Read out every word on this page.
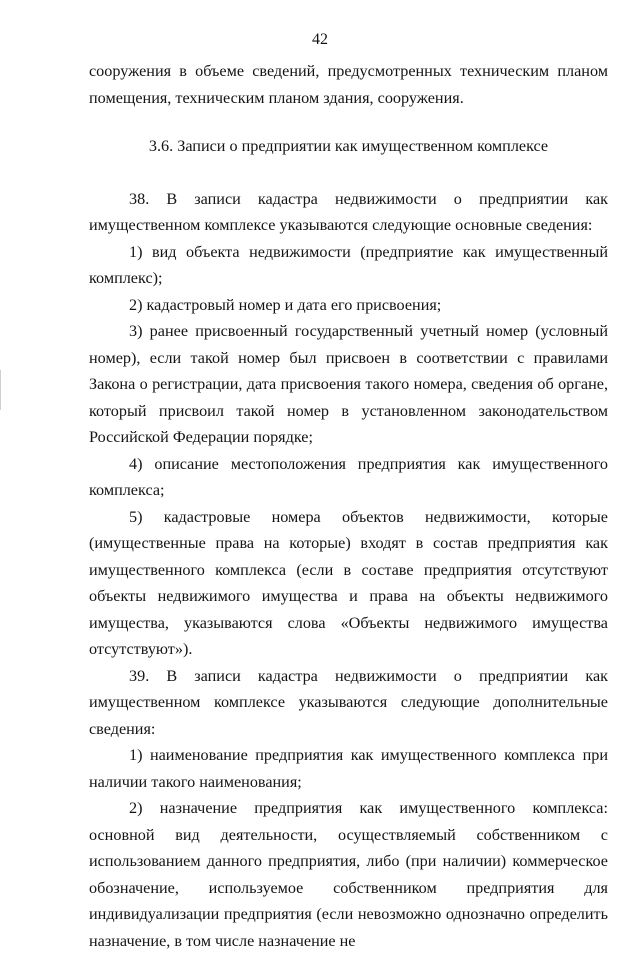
42

сооружения в объеме сведений, предусмотренных техническим планом помещения, техническим планом здания, сооружения.

3.6. Записи о предприятии как имущественном комплексе

38. В записи кадастра недвижимости о предприятии как имущественном комплексе указываются следующие основные сведения:

1) вид объекта недвижимости (предприятие как имущественный комплекс);

2) кадастровый номер и дата его присвоения;

3) ранее присвоенный государственный учетный номер (условный номер), если такой номер был присвоен в соответствии с правилами Закона о регистрации, дата присвоения такого номера, сведения об органе, который присвоил такой номер в установленном законодательством Российской Федерации порядке;

4) описание местоположения предприятия как имущественного комплекса;

5) кадастровые номера объектов недвижимости, которые (имущественные права на которые) входят в состав предприятия как имущественного комплекса (если в составе предприятия отсутствуют объекты недвижимого имущества и права на объекты недвижимого имущества, указываются слова «Объекты недвижимого имущества отсутствуют»).

39. В записи кадастра недвижимости о предприятии как имущественном комплексе указываются следующие дополнительные сведения:

1) наименование предприятия как имущественного комплекса при наличии такого наименования;

2) назначение предприятия как имущественного комплекса: основной вид деятельности, осуществляемый собственником с использованием данного предприятия, либо (при наличии) коммерческое обозначение, используемое собственником предприятия для индивидуализации предприятия (если невозможно однозначно определить назначение, в том числе назначение не
